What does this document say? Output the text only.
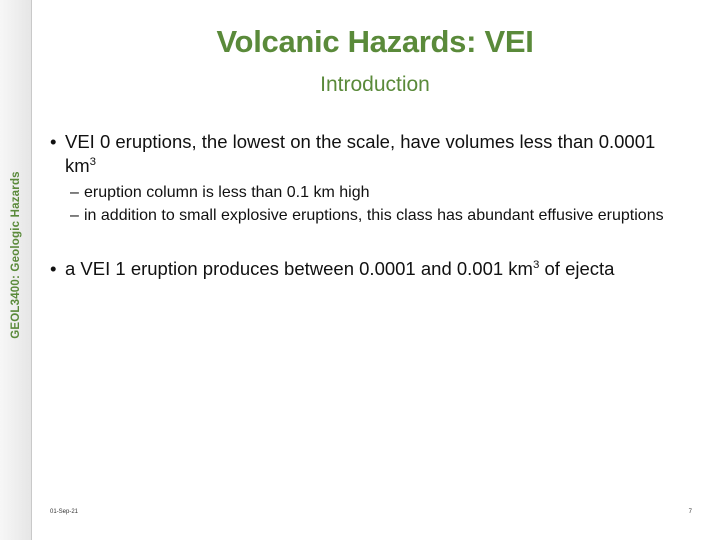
GEOL3400: Geologic Hazards
Volcanic Hazards: VEI
Introduction
• VEI 0 eruptions, the lowest on the scale, have volumes less than 0.0001 $km^3$
– eruption column is less than 0.1 km high
– in addition to small explosive eruptions, this class has abundant effusive eruptions
• a VEI 1 eruption produces between 0.0001 and 0.001 $km^3$ of ejecta
01-Sep-21	7
